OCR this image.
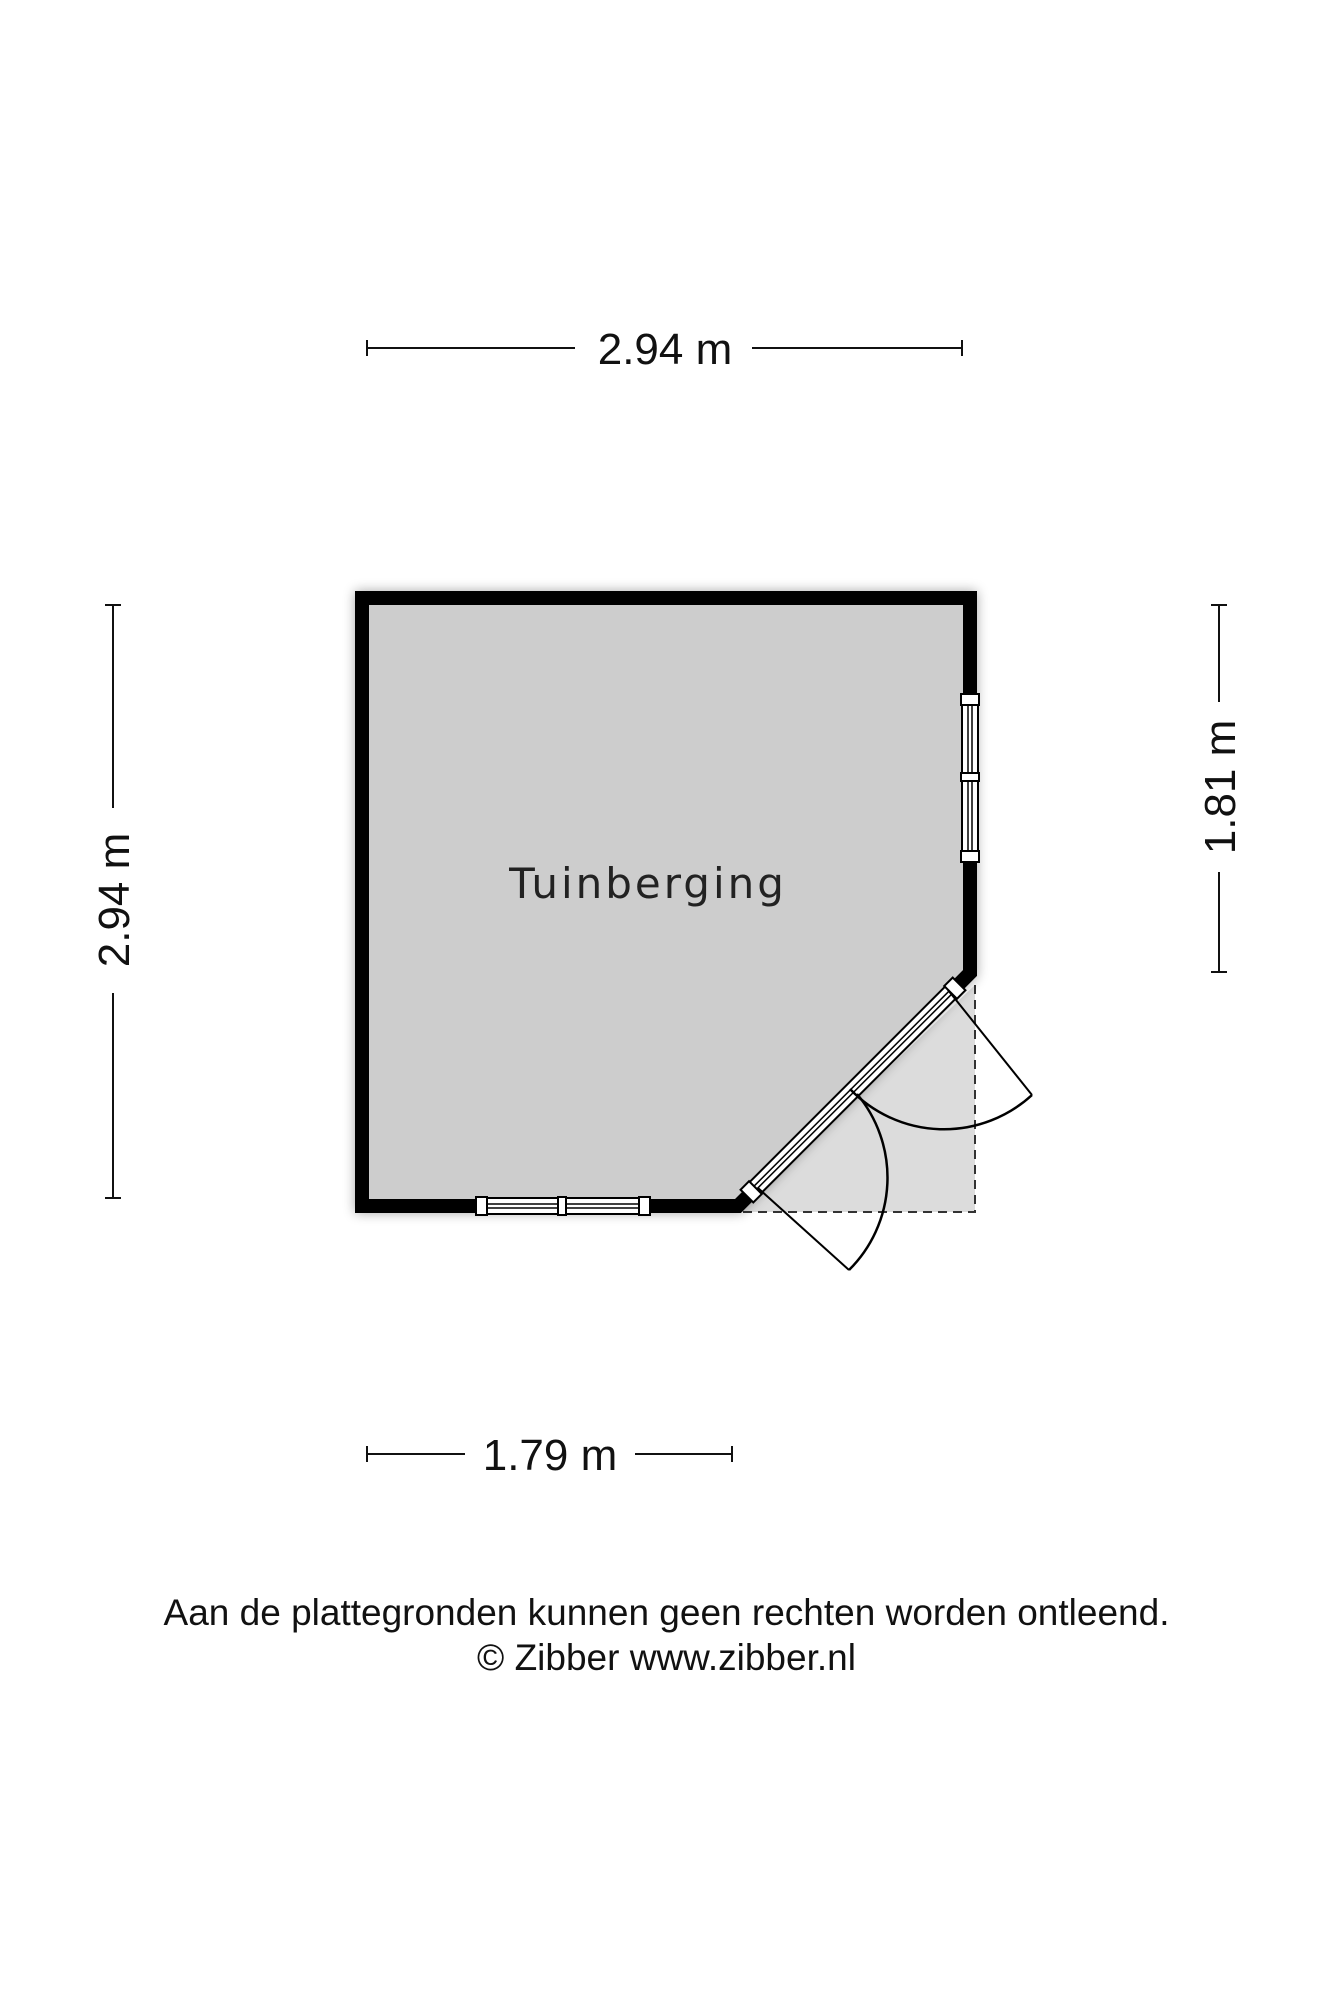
2.94 m
2.94 m
1.81 m
1.79 m
Tuinberging
Aan de plattegronden kunnen geen rechten worden ontleend.
© Zibber www.zibber.nl
